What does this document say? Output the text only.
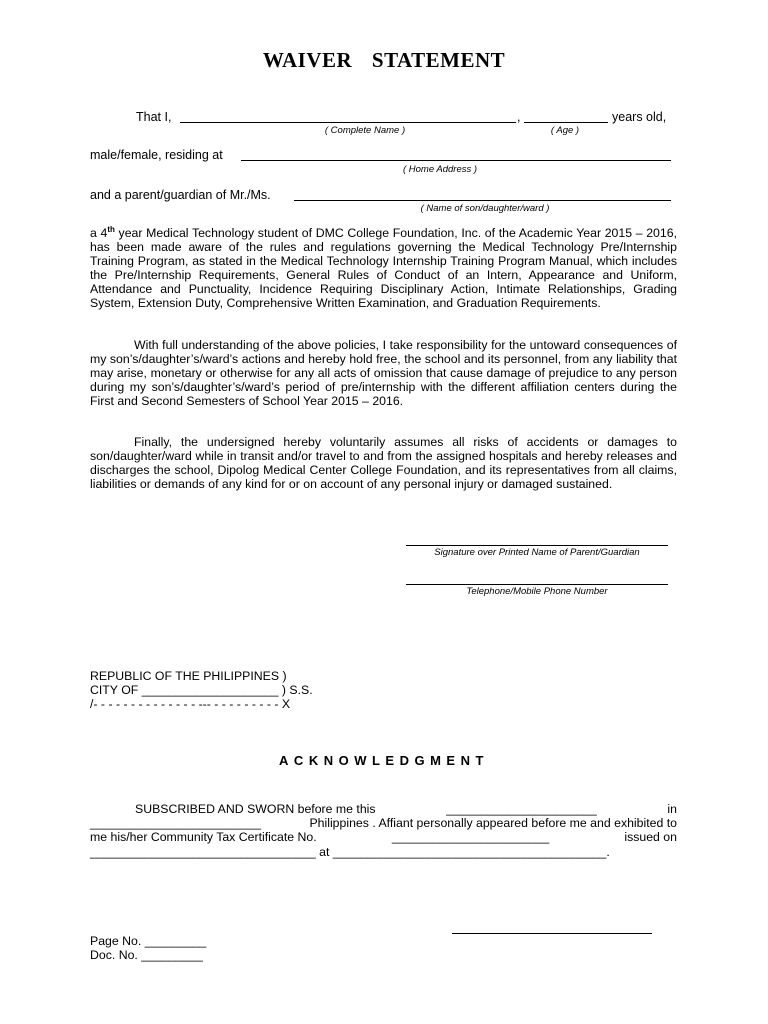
WAIVER STATEMENT
That I,	,	years old,
( Complete Name )	( Age )
male/female, residing at
( Home Address )
and a parent/guardian of Mr./Ms.
( Name of son/daughter/ward )
a 4th year Medical Technology student of DMC College Foundation, Inc. of the Academic Year 2015 – 2016, has been made aware of the rules and regulations governing the Medical Technology Pre/Internship Training Program, as stated in the Medical Technology Internship Training Program Manual, which includes the Pre/Internship Requirements, General Rules of Conduct of an Intern, Appearance and Uniform, Attendance and Punctuality, Incidence Requiring Disciplinary Action, Intimate Relationships, Grading System, Extension Duty, Comprehensive Written Examination, and Graduation Requirements.
With full understanding of the above policies, I take responsibility for the untoward consequences of my son’s/daughter’s/ward’s actions and hereby hold free, the school and its personnel, from any liability that may arise, monetary or otherwise for any all acts of omission that cause damage of prejudice to any person during my son’s/daughter’s/ward’s period of pre/internship with the different affiliation centers during the First and Second Semesters of School Year 2015 – 2016.
Finally, the undersigned hereby voluntarily assumes all risks of accidents or damages to son/daughter/ward while in transit and/or travel to and from the assigned hospitals and hereby releases and discharges the school, Dipolog Medical Center College Foundation, and its representatives from all claims, liabilities or demands of any kind for or on account of any personal injury or damaged sustained.
Signature over Printed Name of Parent/Guardian
Telephone/Mobile Phone Number
REPUBLIC OF THE PHILIPPINES )
CITY OF ____________________ ) S.S.
/- - - - - - - - - - - - - - --- - - - - - - - - - X
ACKNOWLEDGMENT
SUBSCRIBED AND SWORN before me this	______________________	in
_________________________	Philippines . Affiant personally appeared before me and exhibited to
me his/her Community Tax Certificate No.	_______________________	issued on
_________________________________ at ________________________________________.
Page No. _________
Doc. No. _________
